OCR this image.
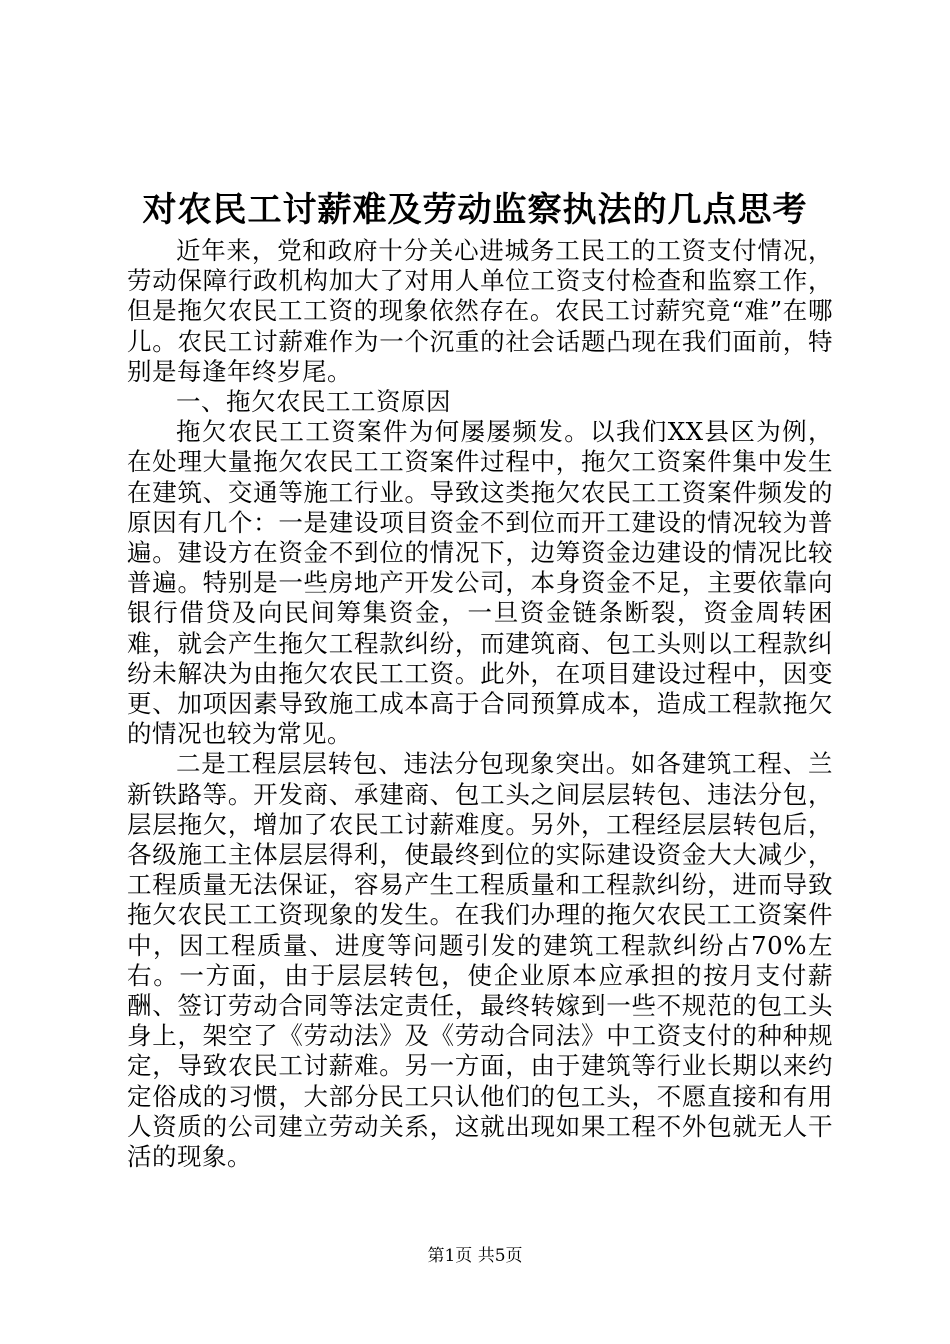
对农民工讨薪难及劳动监察执法的几点思考

近年来，党和政府十分关心进城务工民工的工资支付情况，劳动保障行政机构加大了对用人单位工资支付检查和监察工作，但是拖欠农民工工资的现象依然存在。农民工讨薪究竟“难”在哪儿。农民工讨薪难作为一个沉重的社会话题凸现在我们面前，特别是每逢年终岁尾。

一、拖欠农民工工资原因

拖欠农民工工资案件为何屡屡频发。以我们XX县区为例，在处理大量拖欠农民工工资案件过程中，拖欠工资案件集中发生在建筑、交通等施工行业。导致这类拖欠农民工工资案件频发的原因有几个：一是建设项目资金不到位而开工建设的情况较为普遍。建设方在资金不到位的情况下，边筹资金边建设的情况比较普遍。特别是一些房地产开发公司，本身资金不足，主要依靠向银行借贷及向民间筹集资金，一旦资金链条断裂，资金周转困难，就会产生拖欠工程款纠纷，而建筑商、包工头则以工程款纠纷未解决为由拖欠农民工工资。此外，在项目建设过程中，因变更、加项因素导致施工成本高于合同预算成本，造成工程款拖欠的情况也较为常见。

二是工程层层转包、违法分包现象突出。如各建筑工程、兰新铁路等。开发商、承建商、包工头之间层层转包、违法分包，层层拖欠，增加了农民工讨薪难度。另外，工程经层层转包后，各级施工主体层层得利，使最终到位的实际建设资金大大减少，工程质量无法保证，容易产生工程质量和工程款纠纷，进而导致拖欠农民工工资现象的发生。在我们办理的拖欠农民工工资案件中，因工程质量、进度等问题引发的建筑工程款纠纷占70%左右。一方面，由于层层转包，使企业原本应承担的按月支付薪酬、签订劳动合同等法定责任，最终转嫁到一些不规范的包工头身上，架空了《劳动法》及《劳动合同法》中工资支付的种种规定，导致农民工讨薪难。另一方面，由于建筑等行业长期以来约定俗成的习惯，大部分民工只认他们的包工头，不愿直接和有用人资质的公司建立劳动关系，这就出现如果工程不外包就无人干活的现象。

第1页 共5页
